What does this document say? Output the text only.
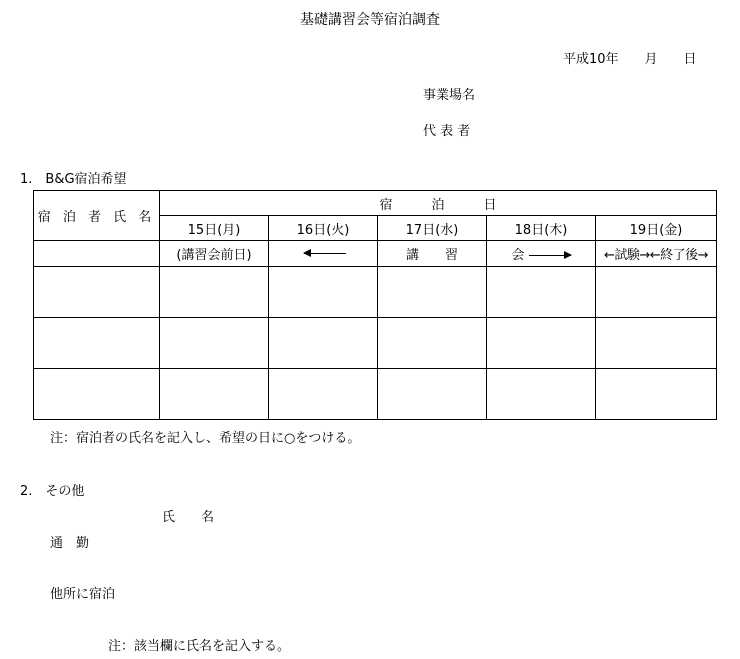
基礎講習会等宿泊調査
平成10年　　月　　日
事業場名
代 表 者
1.　B&G宿泊希望
宿 泊 者 氏 名	宿　　　泊　　　日				
	15日(月)	16日(火)	17日(水)	18日(木)	19日(金)
	(講習会前日)		講　　習	会	←試験→←終了後→

注：宿泊者の氏名を記入し、希望の日に○をつける。
2.　その他
氏　　名
通　勤
他所に宿泊
注：該当欄に氏名を記入する。
